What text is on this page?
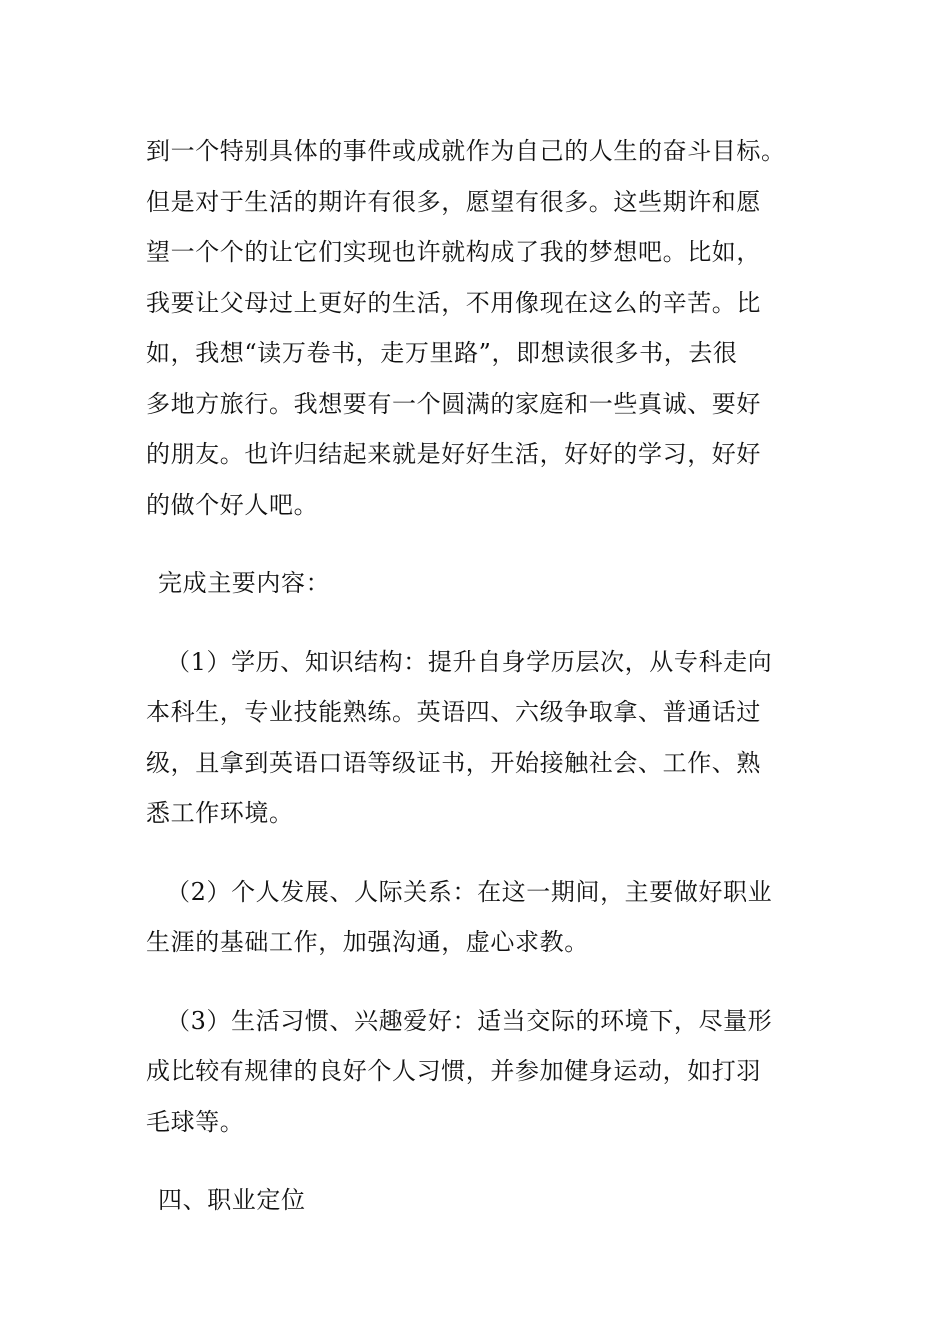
到一个特别具体的事件或成就作为自己的人生的奋斗目标。
但是对于生活的期许有很多，愿望有很多。这些期许和愿
望一个个的让它们实现也许就构成了我的梦想吧。比如，
我要让父母过上更好的生活，不用像现在这么的辛苦。比
如，我想“读万卷书，走万里路”，即想读很多书，去很
多地方旅行。我想要有一个圆满的家庭和一些真诚、要好
的朋友。也许归结起来就是好好生活，好好的学习，好好
的做个好人吧。

完成主要内容：

（1）学历、知识结构：提升自身学历层次，从专科走向
本科生，专业技能熟练。英语四、六级争取拿、普通话过
级，且拿到英语口语等级证书，开始接触社会、工作、熟
悉工作环境。

（2）个人发展、人际关系：在这一期间，主要做好职业
生涯的基础工作，加强沟通，虚心求教。

（3）生活习惯、兴趣爱好：适当交际的环境下，尽量形
成比较有规律的良好个人习惯，并参加健身运动，如打羽
毛球等。

四、职业定位
